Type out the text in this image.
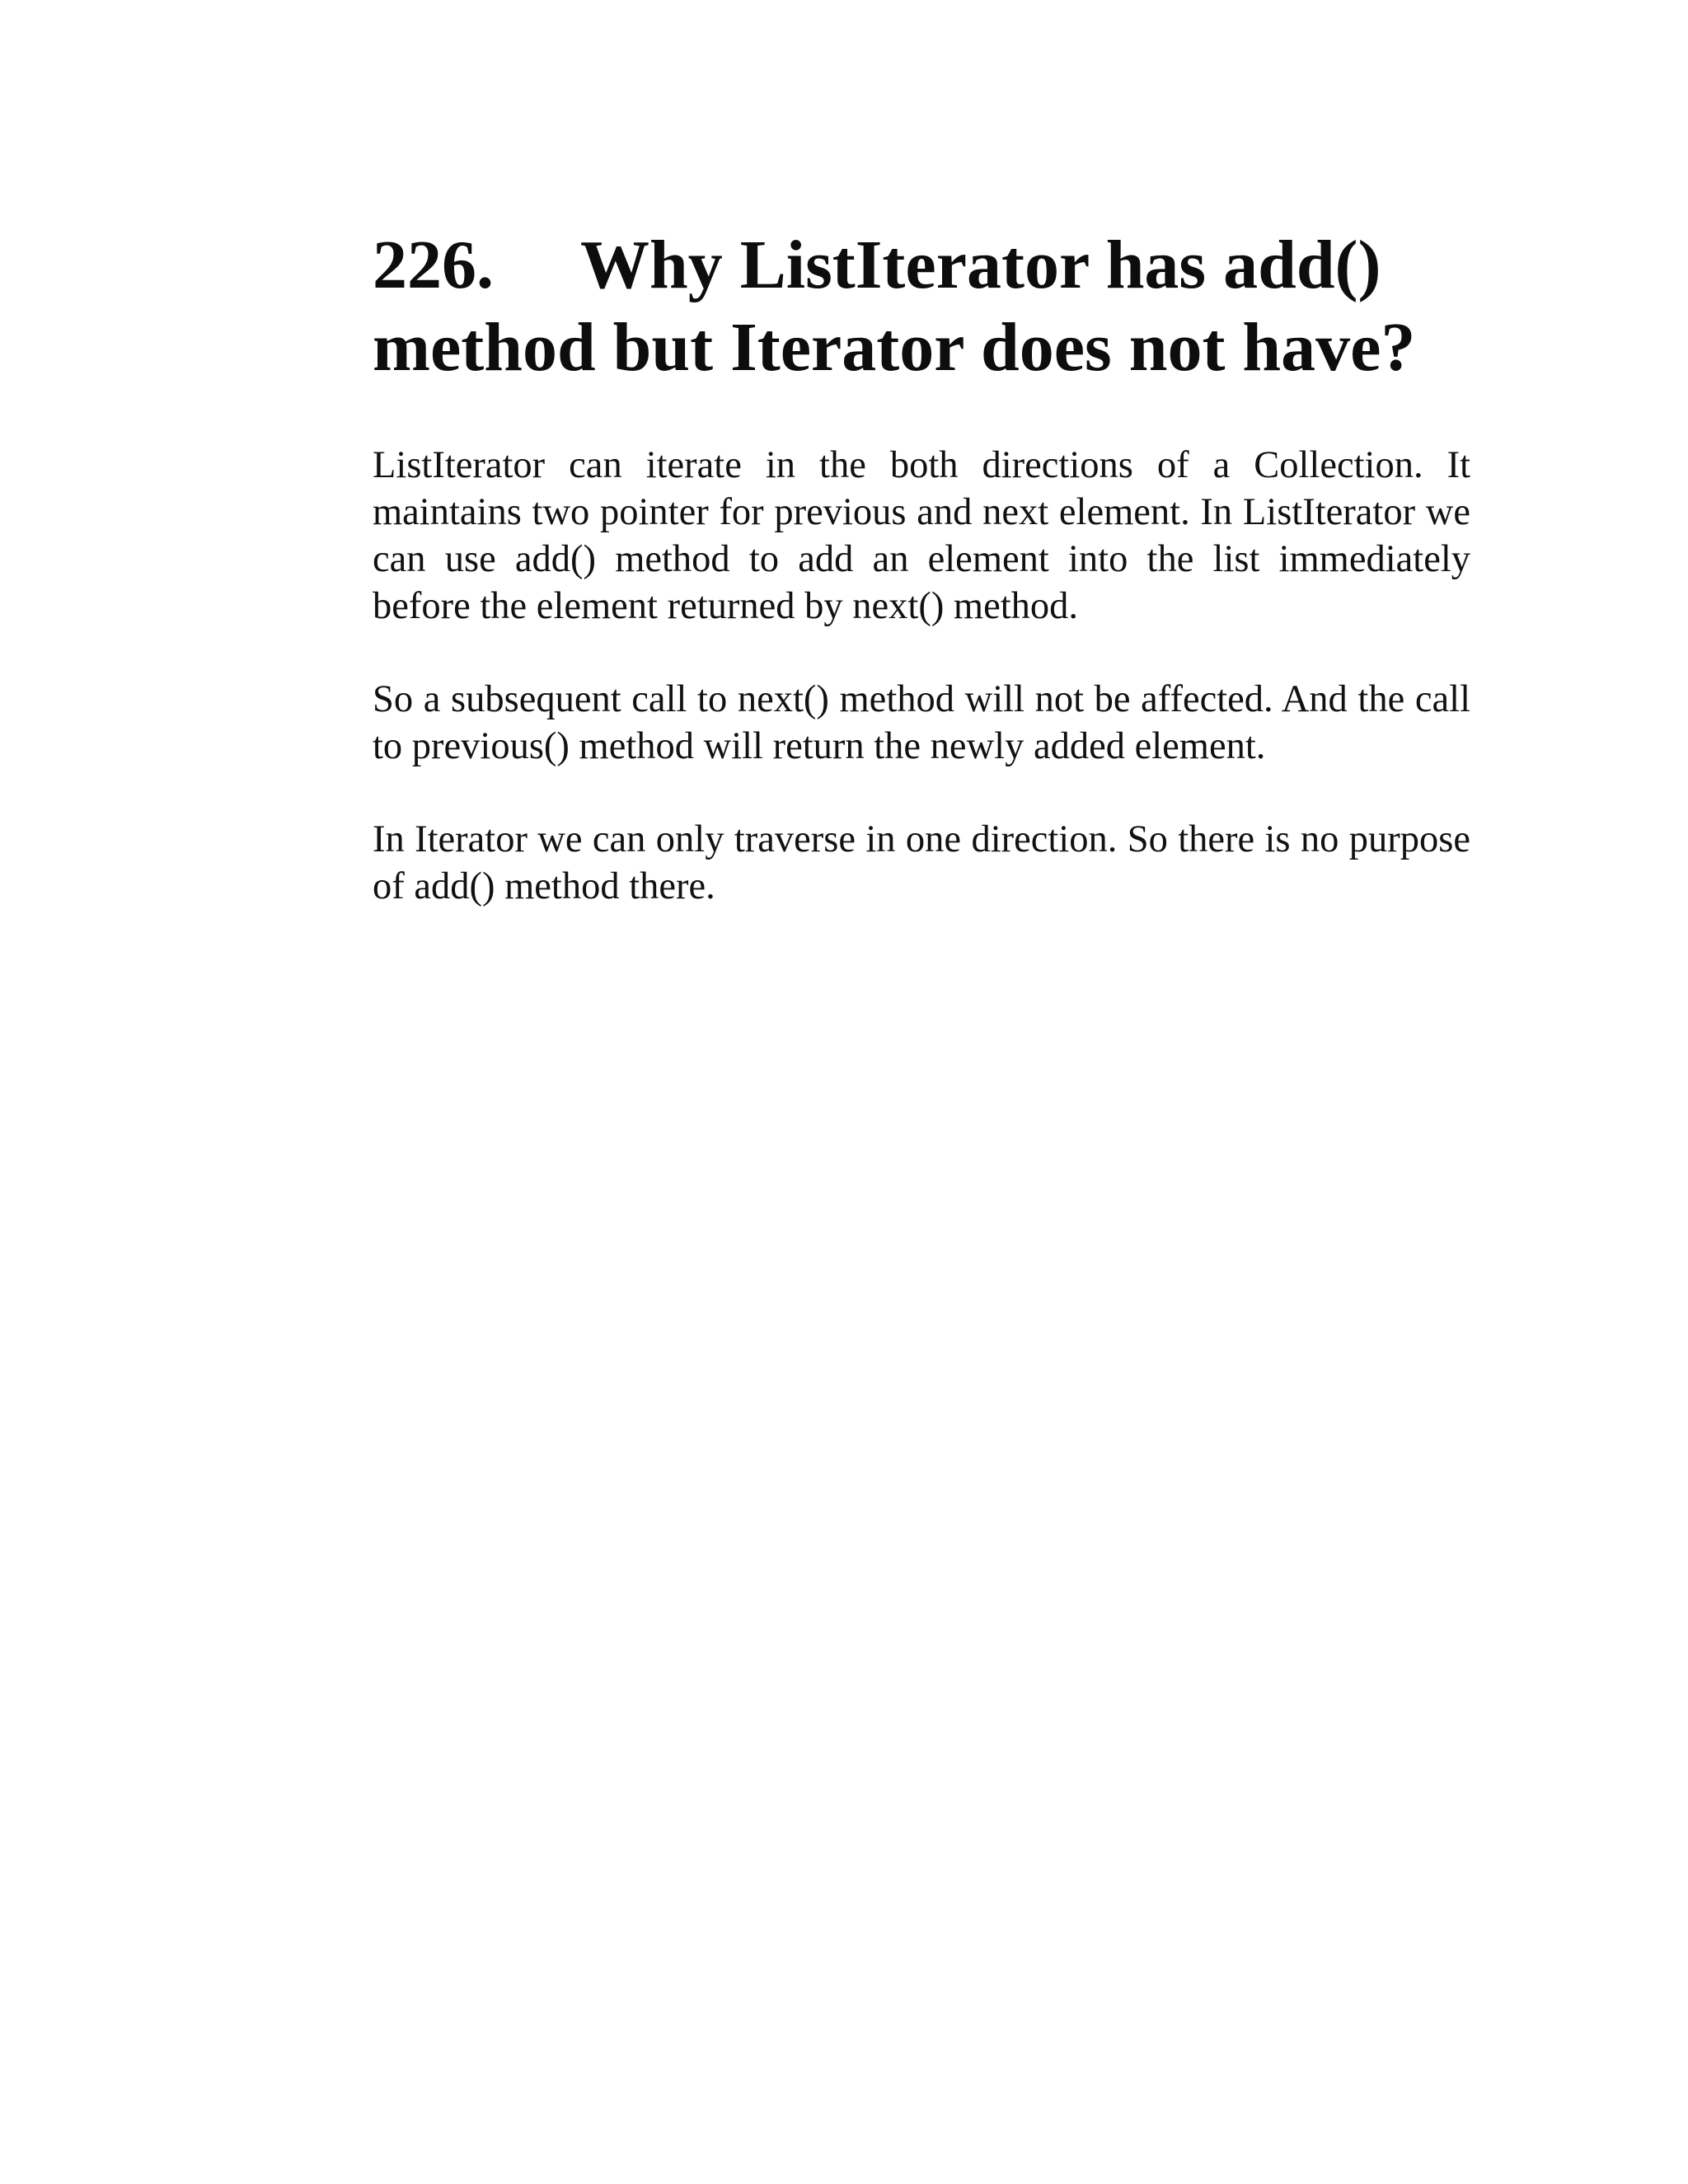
226. Why ListIterator has add() method but Iterator does not have?

ListIterator can iterate in the both directions of a Collection. It maintains two pointer for previous and next element. In ListIterator we can use add() method to add an element into the list immediately before the element returned by next() method.

So a subsequent call to next() method will not be affected. And the call to previous() method will return the newly added element.

In Iterator we can only traverse in one direction. So there is no purpose of add() method there.
